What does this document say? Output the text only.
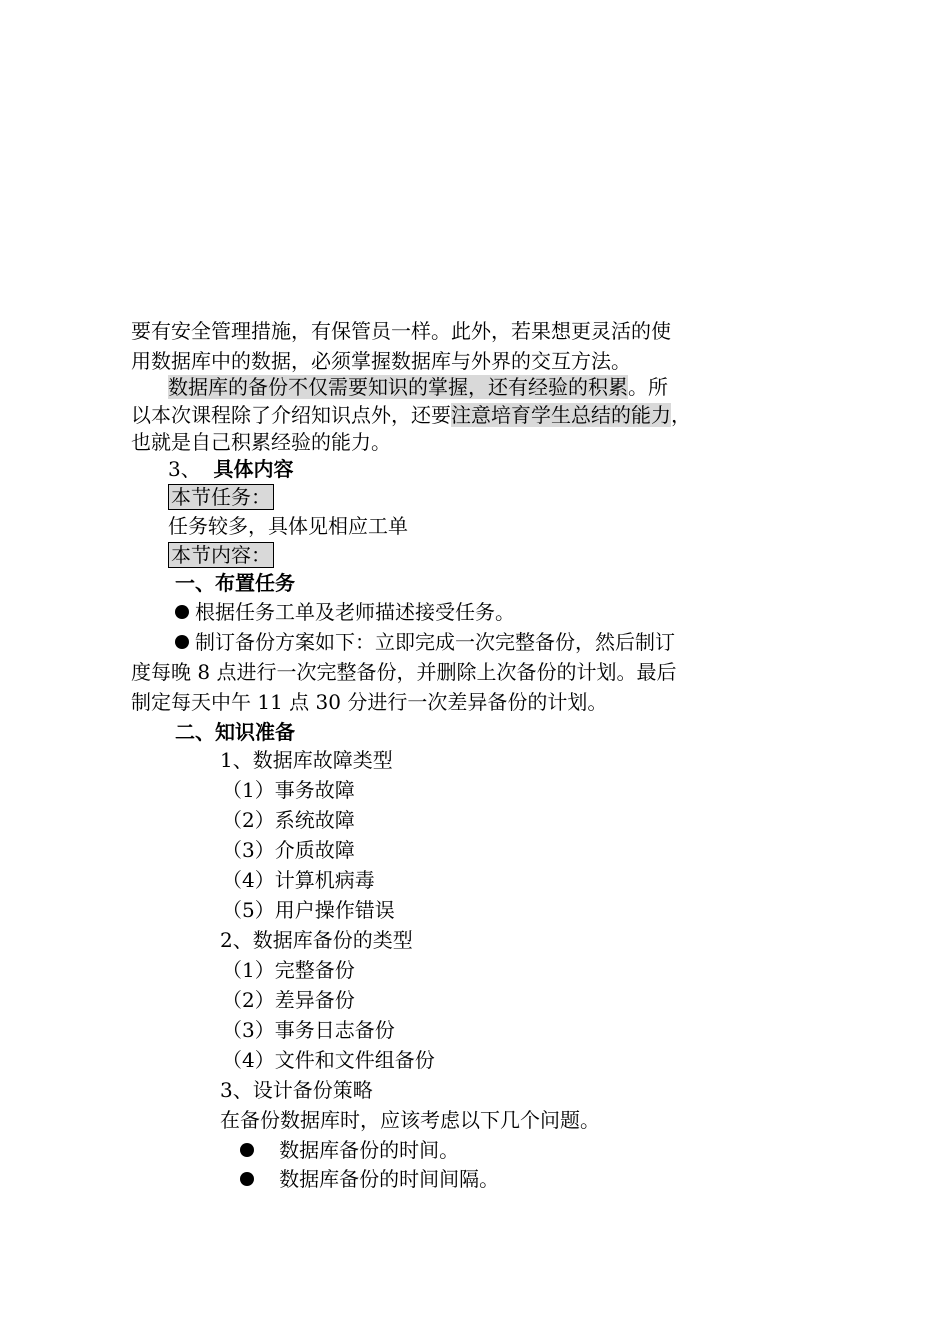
要有安全管理措施，有保管员一样。此外，若果想更灵活的使
用数据库中的数据，必须掌握数据库与外界的交互方法。
数据库的备份不仅需要知识的掌握，还有经验的积累。所
以本次课程除了介绍知识点外，还要注意培育学生总结的能力，
也就是自己积累经验的能力。
3、 具体内容
本节任务：
任务较多，具体见相应工单
本节内容：
一、布置任务
根据任务工单及老师描述接受任务。
制订备份方案如下：立即完成一次完整备份，然后制订
度每晚 8 点进行一次完整备份，并删除上次备份的计划。最后
制定每天中午 11 点 30 分进行一次差异备份的计划。
二、知识准备
1、数据库故障类型
（1）事务故障
（2）系统故障
（3）介质故障
（4）计算机病毒
（5）用户操作错误
2、数据库备份的类型
（1）完整备份
（2）差异备份
（3）事务日志备份
（4）文件和文件组备份
3、设计备份策略
在备份数据库时，应该考虑以下几个问题。
数据库备份的时间。
数据库备份的时间间隔。
